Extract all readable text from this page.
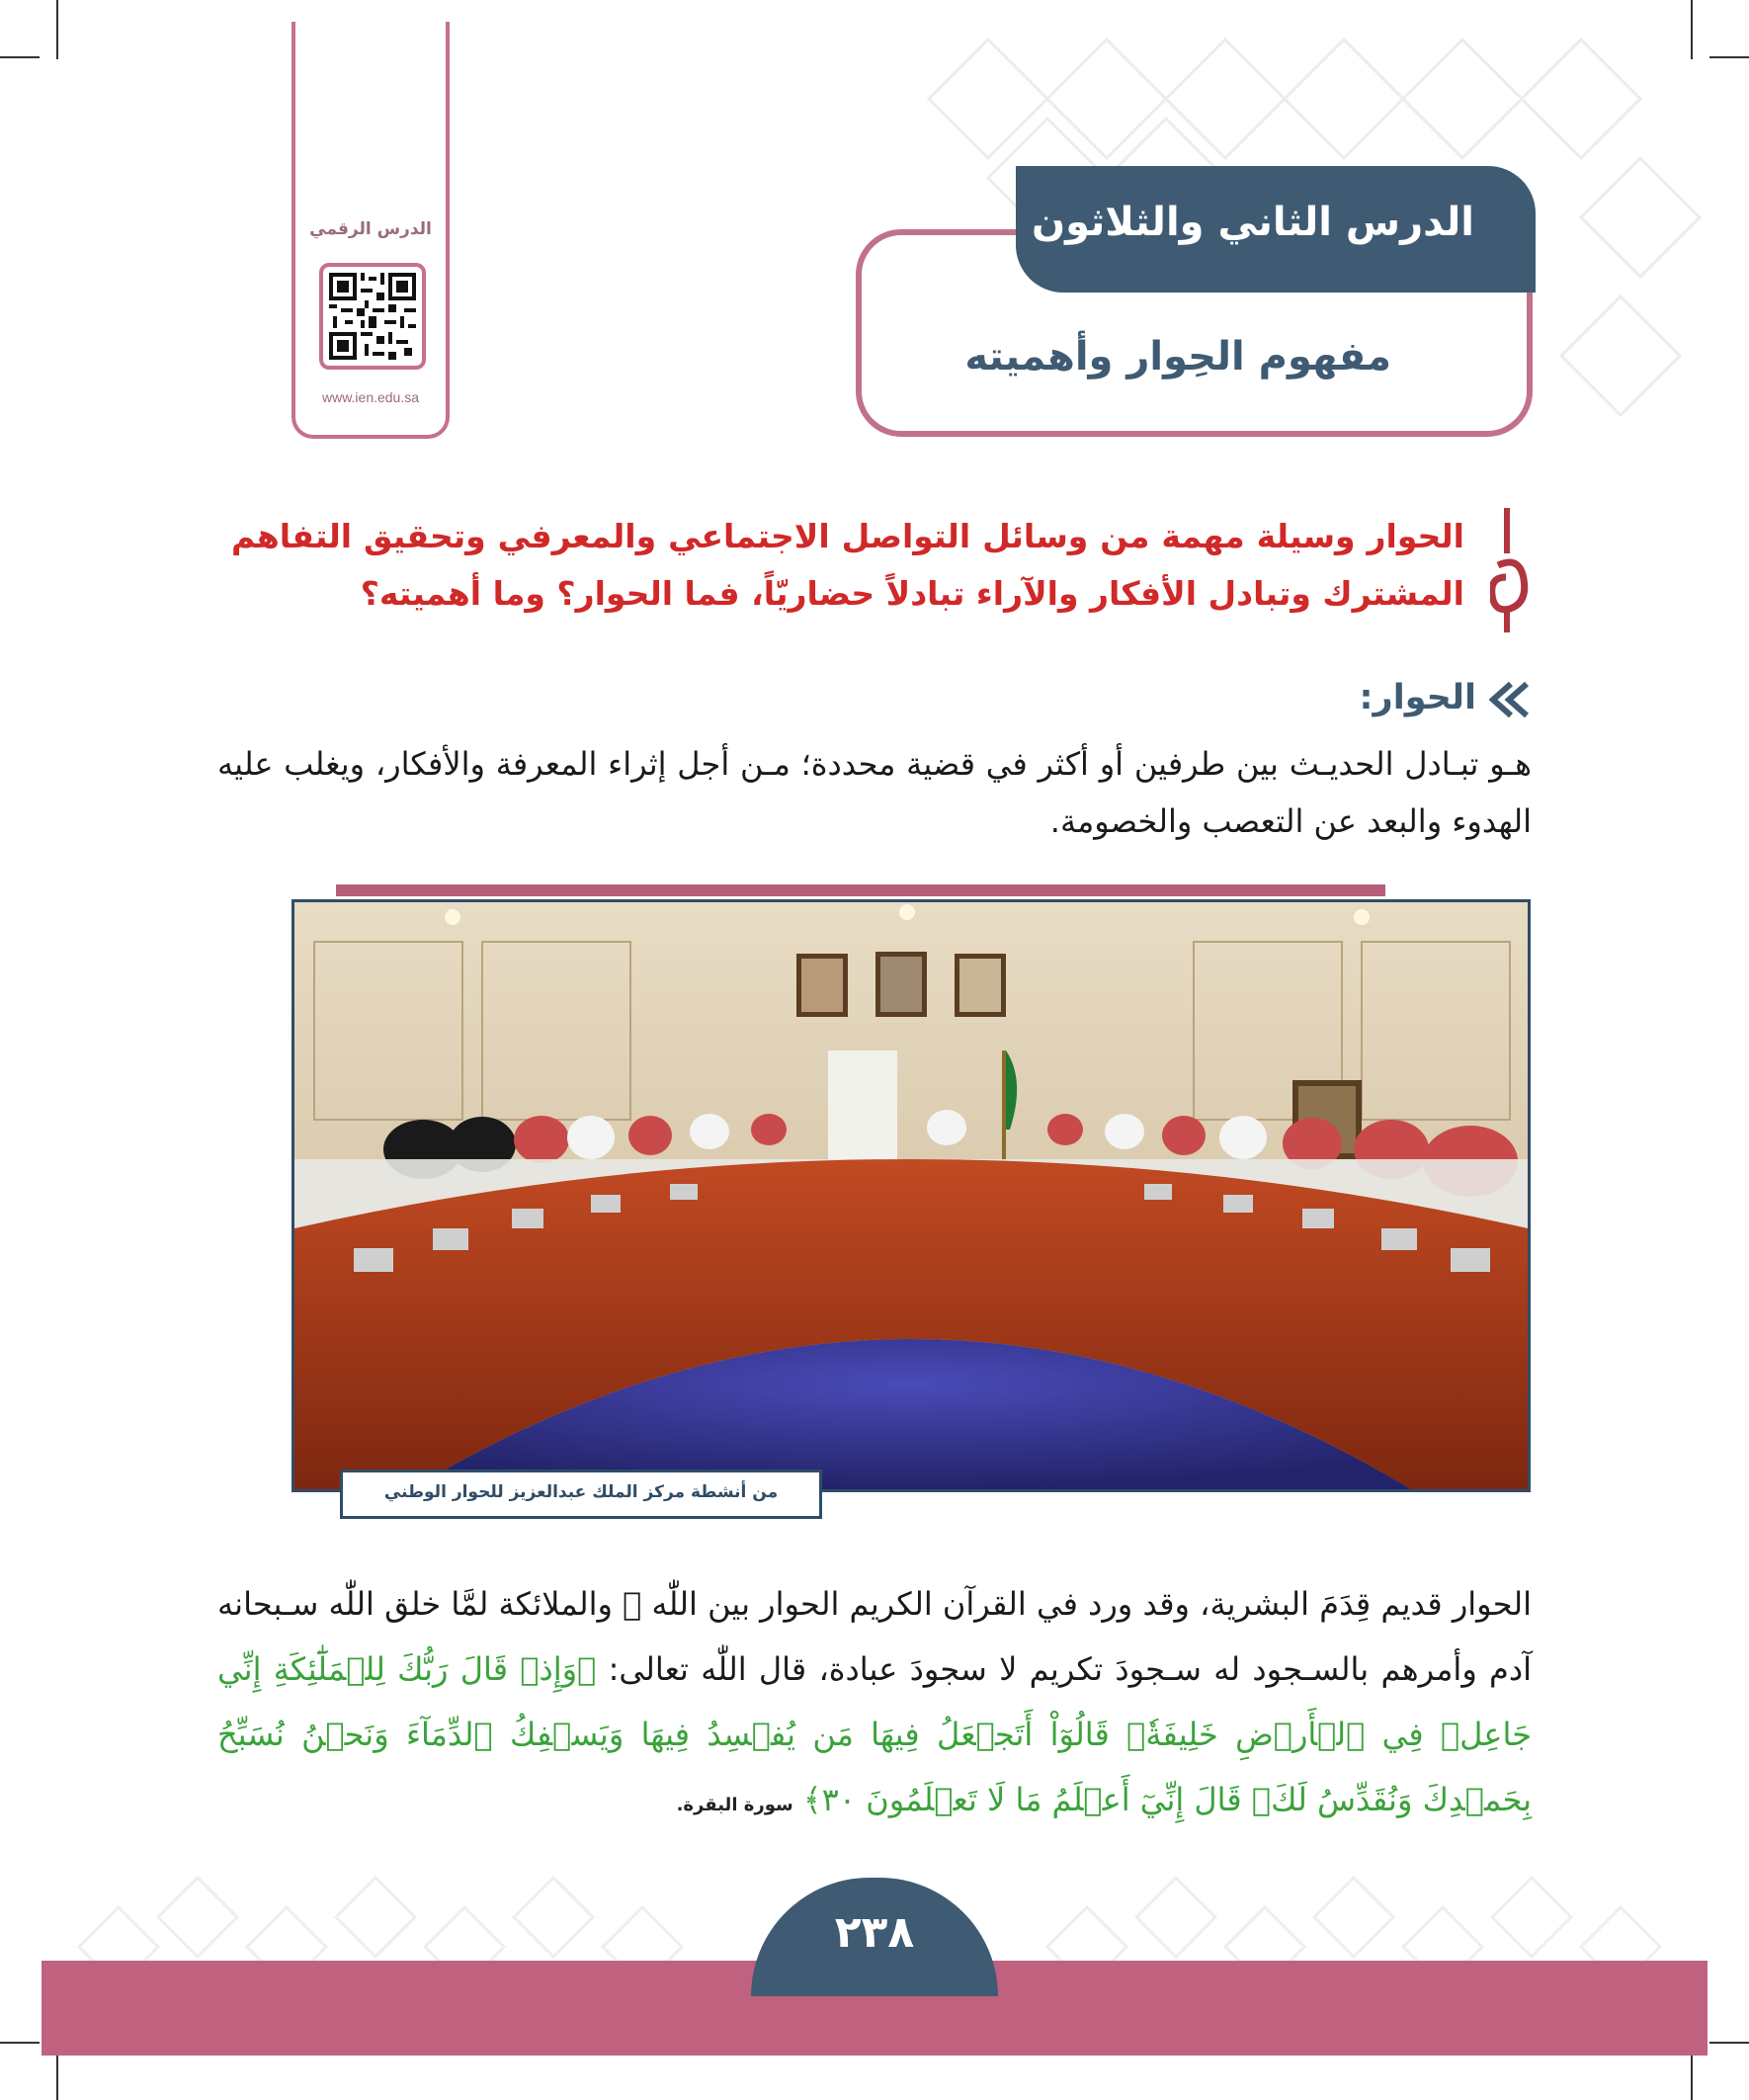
الدرس الرقمي
www.ien.edu.sa
الدرس الثاني والثلاثون
مفهوم الحِوار وأهميته
الحوار وسيلة مهمة من وسائل التواصل الاجتماعي والمعرفي وتحقيق التفاهم المشترك وتبادل الأفكار والآراء تبادلاً حضاريّاً، فما الحوار؟ وما أهميته؟
الحوار:
هـو تبـادل الحديـث بين طرفين أو أكثر في قضية محددة؛ مـن أجل إثراء المعرفة والأفكار، ويغلب عليه الهدوء والبعد عن التعصب والخصومة.
من أنشطة مركز الملك عبدالعزيز للحوار الوطني
الحوار قديم قِدَمَ البشرية، وقد ورد في القرآن الكريم الحوار بين اللّٰه ﷻ والملائكة لمَّا خلق اللّٰه سـبحانه آدم وأمرهم بالسـجود له سـجودَ تكريم لا سجودَ عبادة، قال اللّٰه تعالى: ﴿وَإِذۡ قَالَ رَبُّكَ لِلۡمَلَٰٓئِكَةِ إِنِّي جَاعِلٞ فِي ٱلۡأَرۡضِ خَلِيفَةٗۖ قَالُوٓاْ أَتَجۡعَلُ فِيهَا مَن يُفۡسِدُ فِيهَا وَيَسۡفِكُ ٱلدِّمَآءَ وَنَحۡنُ نُسَبِّحُ بِحَمۡدِكَ وَنُقَدِّسُ لَكَۖ قَالَ إِنِّيٓ أَعۡلَمُ مَا لَا تَعۡلَمُونَ ٣٠﴾ سورة البقرة.
٢٣٨
